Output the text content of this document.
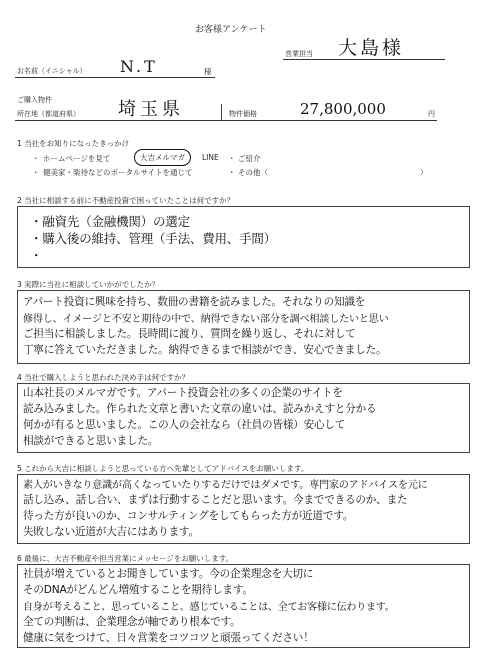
お客様アンケート
営業担当 大島様
お名前（イニシャル） N.T	様
ご購入物件
所在地（都道府県） 埼玉県	物件価格	27,800,000	円
1 当社をお知りになったきっかけ
・ ホームページを見て	大吉メルマガ	LINE ・ ご紹介
・ 健美家・楽待などのポータルサイトを通じて	・ その他（	）
2 当社に相談する前に不動産投資で困っていたことは何ですか？
・融資先（金融機関）の選定
・購入後の維持、管理（手法、費用、手間）
・
3 実際に当社に相談していかがでしたか？
アパート投資に興味を持ち、数冊の書籍を読みました。それなりの知識を
修得し、イメージと不安と期待の中で、納得できない部分を調べ相談したいと思い
ご担当に相談しました。長時間に渡り、質問を繰り返し、それに対して
丁寧に答えていただきました。納得できるまで相談ができ、安心できました。
4 当社で購入しようと思われた決め手は何ですか？
山本社長のメルマガです。アパート投資会社の多くの企業のサイトを
読み込みました。作られた文章と書いた文章の違いは、読みかえすと分かる
何かが有ると思いました。この人の会社なら（社員の皆様）安心して
相談ができると思いました。
5 これから大吉に相談しようと思っている方へ先輩としてアドバイスをお願いします。
素人がいきなり意識が高くなっていたりするだけではダメです。専門家のアドバイスを元に
話し込み、話し合い、まずは行動することだと思います。今までできるのか、また
待った方が良いのか、コンサルティングをしてもらった方が近道です。
失敗しない近道が大吉にはあります。
6 最後に、大吉不動産や担当営業にメッセージをお願いします。
社員が増えているとお聞きしています。今の企業理念を大切に
そのDNAがどんどん増殖することを期待します。
自身が考えること、思っていること、感じていることは、全てお客様に伝わります。
全ての判断は、企業理念が軸であり根本です。
健康に気をつけて、日々営業をコツコツと頑張ってください！
